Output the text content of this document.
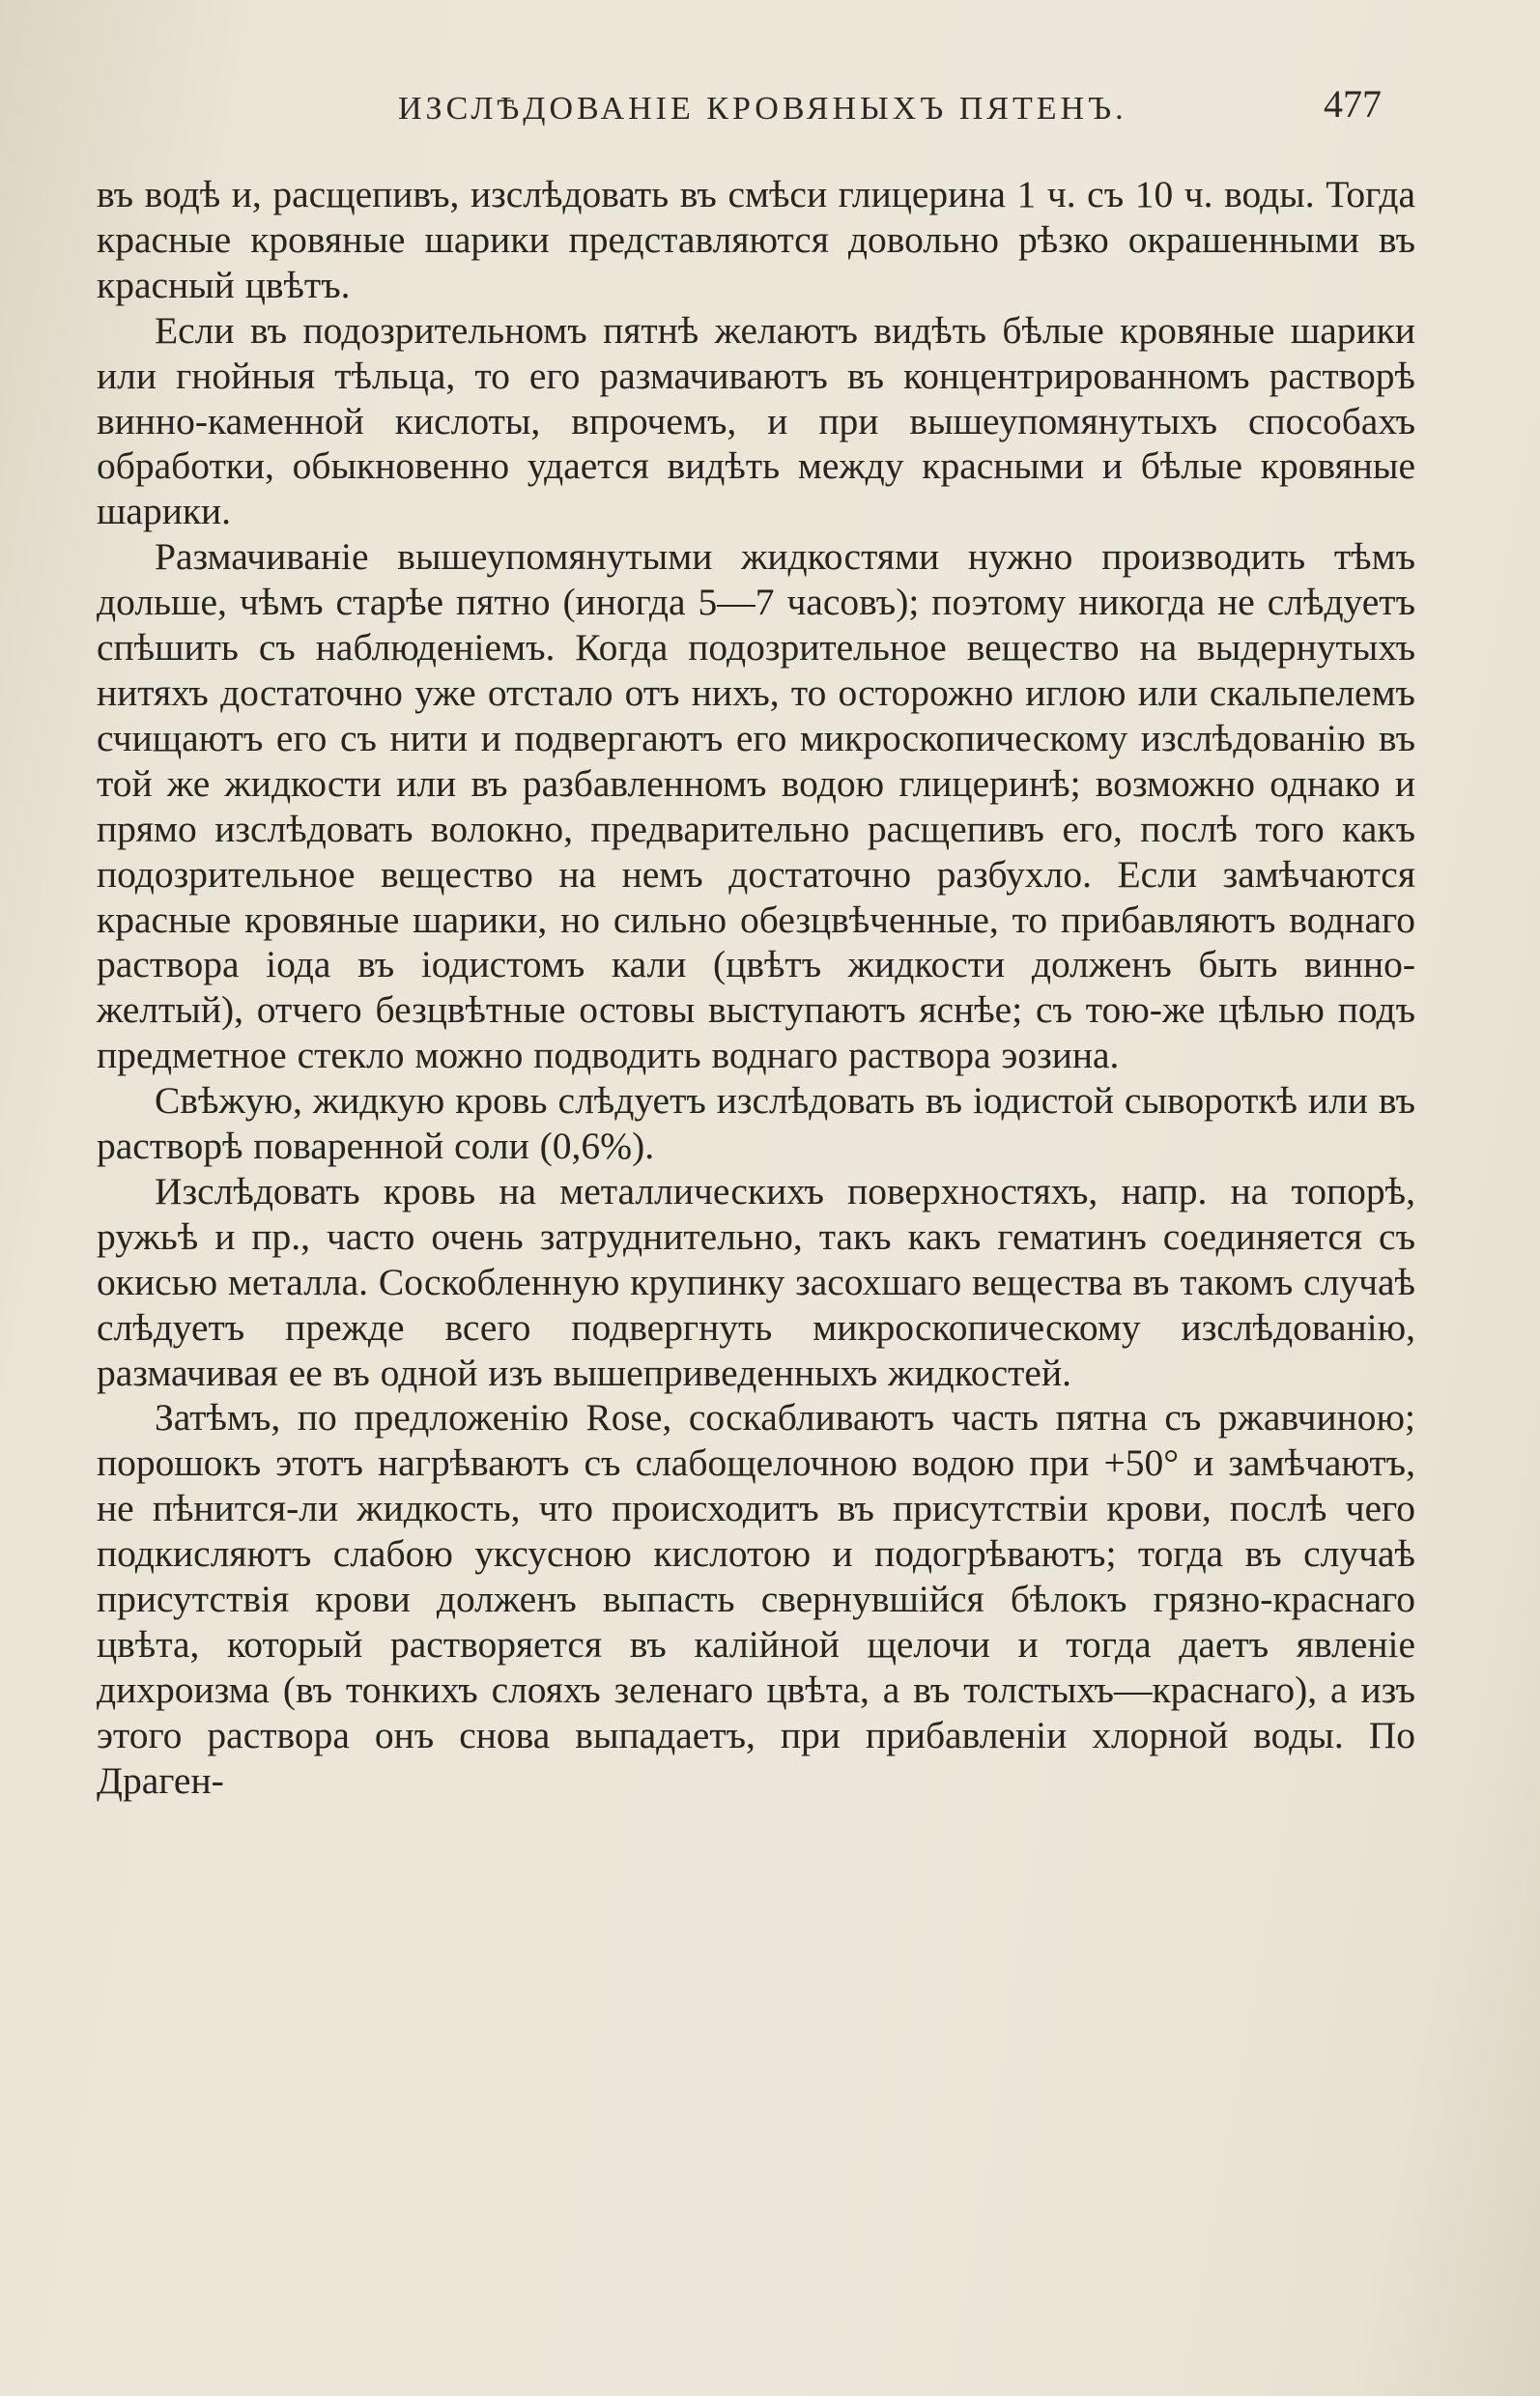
ИЗСЛѢДОВАНІЕ КРОВЯНЫХЪ ПЯТЕНЪ.	477

въ водѣ и, расщепивъ, изслѣдовать въ смѣси глицерина 1 ч. съ 10 ч. воды. Тогда красные кровяные шарики представляются довольно рѣзко окрашенными въ красный цвѣтъ.

Если въ подозрительномъ пятнѣ желаютъ видѣть бѣлые кровяные шарики или гнойныя тѣльца, то его размачиваютъ въ концентрированномъ растворѣ винно-каменной кислоты, впрочемъ, и при вышеупомянутыхъ способахъ обработки, обыкновенно удается видѣть между красными и бѣлые кровяные шарики.

Размачиваніе вышеупомянутыми жидкостями нужно производить тѣмъ дольше, чѣмъ старѣе пятно (иногда 5—7 часовъ); поэтому никогда не слѣдуетъ спѣшить съ наблюденіемъ. Когда подозрительное вещество на выдернутыхъ нитяхъ достаточно уже отстало отъ нихъ, то осторожно иглою или скальпелемъ счищаютъ его съ нити и подвергаютъ его микроскопическому изслѣдованію въ той же жидкости или въ разбавленномъ водою глицеринѣ; возможно однако и прямо изслѣдовать волокно, предварительно расщепивъ его, послѣ того какъ подозрительное вещество на немъ достаточно разбухло. Если замѣчаются красные кровяные шарики, но сильно обезцвѣченные, то прибавляютъ воднаго раствора іода въ іодистомъ кали (цвѣтъ жидкости долженъ быть винно-желтый), отчего безцвѣтные остовы выступаютъ яснѣе; съ тою-же цѣлью подъ предметное стекло можно подводить воднаго раствора эозина.

Свѣжую, жидкую кровь слѣдуетъ изслѣдовать въ іодистой сывороткѣ или въ растворѣ поваренной соли (0,6%).

Изслѣдовать кровь на металлическихъ поверхностяхъ, напр. на топорѣ, ружьѣ и пр., часто очень затруднительно, такъ какъ гематинъ соединяется съ окисью металла. Соскобленную крупинку засохшаго вещества въ такомъ случаѣ слѣдуетъ прежде всего подвергнуть микроскопическому изслѣдованію, размачивая ее въ одной изъ вышеприведенныхъ жидкостей.

Затѣмъ, по предложенію Rose, соскабливаютъ часть пятна съ ржавчиною; порошокъ этотъ нагрѣваютъ съ слабощелочною водою при +50° и замѣчаютъ, не пѣнится-ли жидкость, что происходитъ въ присутствіи крови, послѣ чего подкисляютъ слабою уксусною кислотою и подогрѣваютъ; тогда въ случаѣ присутствія крови долженъ выпасть свернувшійся бѣлокъ грязно-краснаго цвѣта, который растворяется въ калійной щелочи и тогда даетъ явленіе дихроизма (въ тонкихъ слояхъ зеленаго цвѣта, а въ толстыхъ—краснаго), а изъ этого раствора онъ снова выпадаетъ, при прибавленіи хлорной воды. По Драген-
